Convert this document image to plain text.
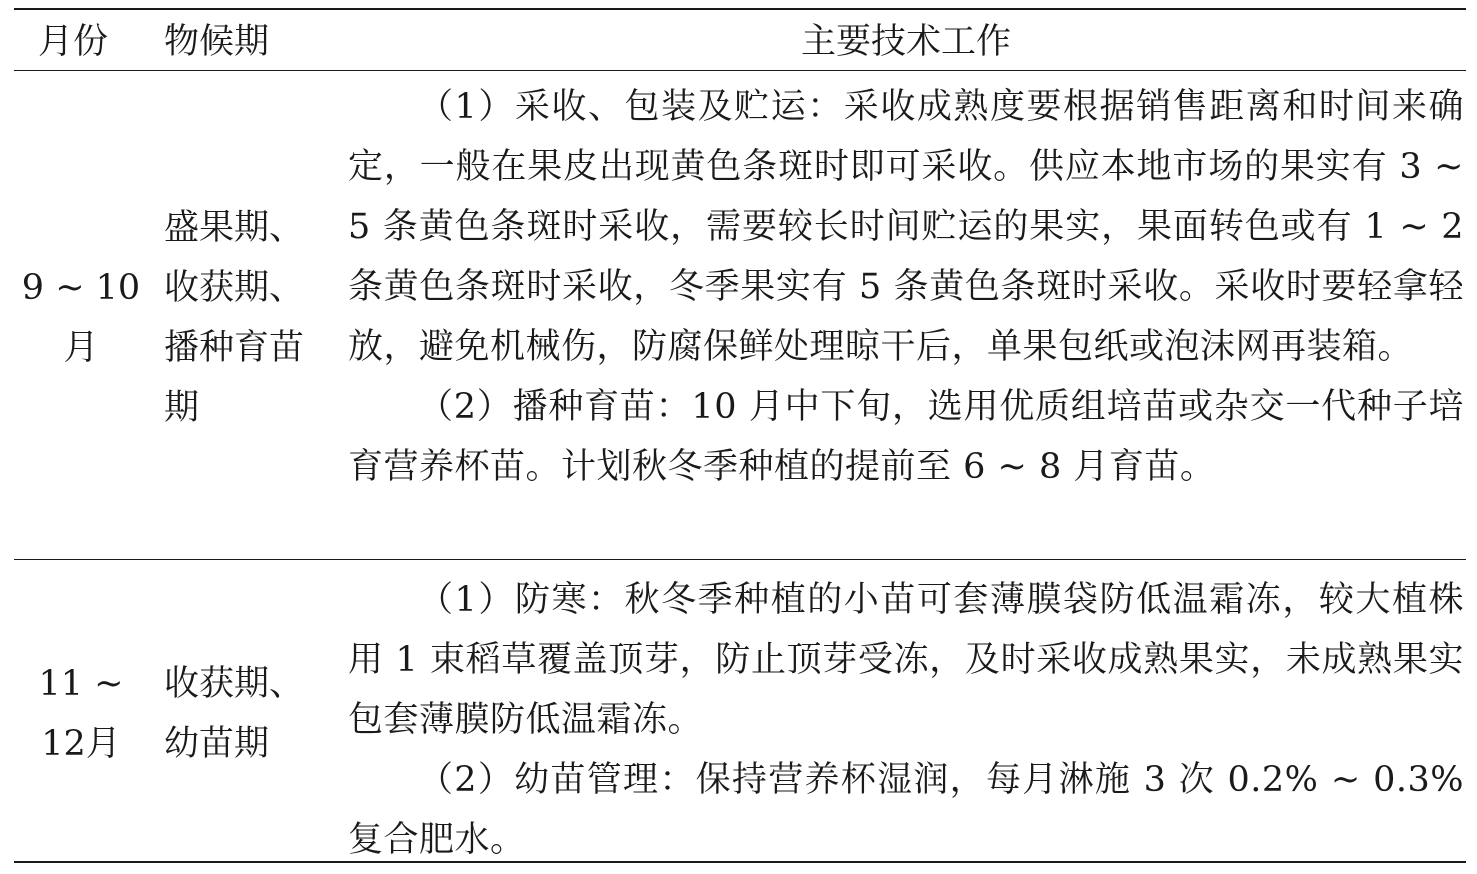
月份	物候期	主要技术工作
9 ~ 10
月
盛果期、
收获期、
播种育苗
期

（1）采收、包装及贮运：采收成熟度要根据销售距离和时间来确定，一般在果皮出现黄色条斑时即可采收。供应本地市场的果实有 3 ~ 5 条黄色条斑时采收，需要较长时间贮运的果实，果面转色或有 1 ~ 2 条黄色条斑时采收，冬季果实有 5 条黄色条斑时采收。采收时要轻拿轻放，避免机械伤，防腐保鲜处理晾干后，单果包纸或泡沫网再装箱。

（2）播种育苗：10 月中下旬，选用优质组培苗或杂交一代种子培育营养杯苗。计划秋冬季种植的提前至 6 ~ 8 月育苗。

11 ~
12月
收获期、
幼苗期

（1）防寒：秋冬季种植的小苗可套薄膜袋防低温霜冻，较大植株用 1 束稻草覆盖顶芽，防止顶芽受冻，及时采收成熟果实，未成熟果实包套薄膜防低温霜冻。

（2）幼苗管理：保持营养杯湿润，每月淋施 3 次 0.2% ~ 0.3% 复合肥水。
